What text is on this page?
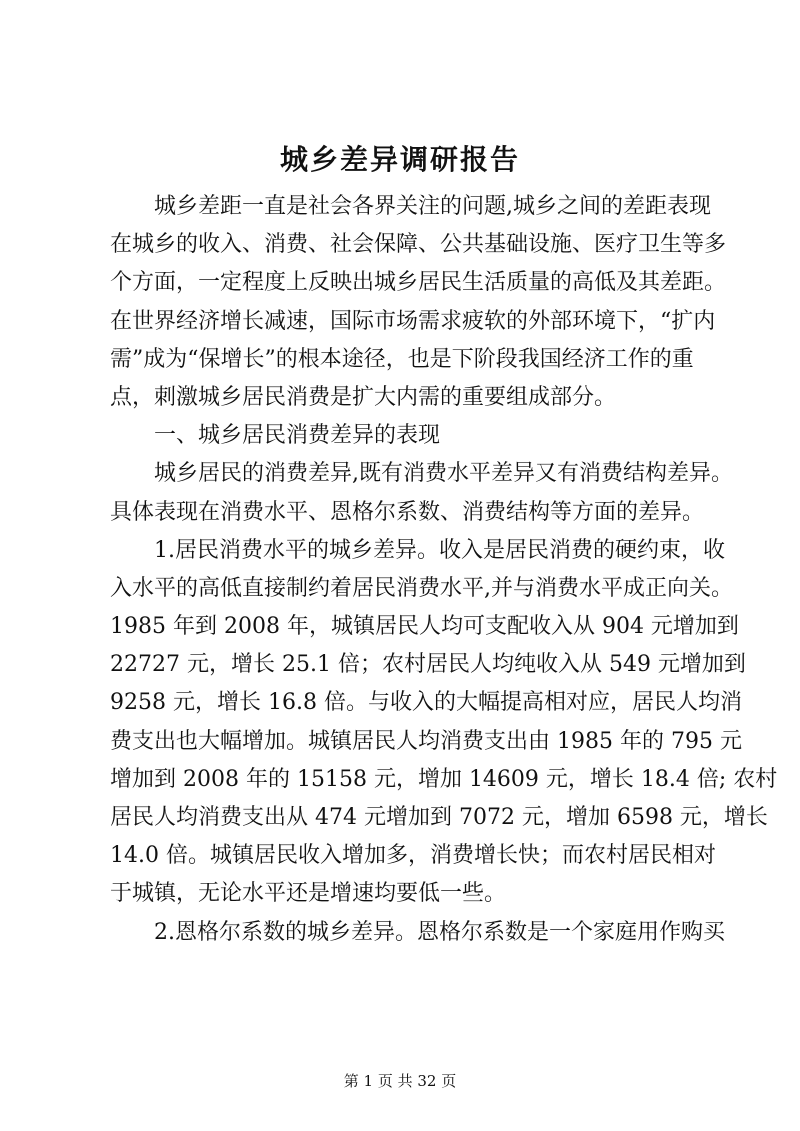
城乡差异调研报告

城乡差距一直是社会各界关注的问题,城乡之间的差距表现

在城乡的收入、消费、社会保障、公共基础设施、医疗卫生等多

个方面，一定程度上反映出城乡居民生活质量的高低及其差距。

在世界经济增长减速，国际市场需求疲软的外部环境下，“扩内

需”成为“保增长”的根本途径，也是下阶段我国经济工作的重

点，刺激城乡居民消费是扩大内需的重要组成部分。

一、城乡居民消费差异的表现

城乡居民的消费差异,既有消费水平差异又有消费结构差异。

具体表现在消费水平、恩格尔系数、消费结构等方面的差异。

1.居民消费水平的城乡差异。收入是居民消费的硬约束，收

入水平的高低直接制约着居民消费水平,并与消费水平成正向关。

1985 年到 2008 年，城镇居民人均可支配收入从 904 元增加到

22727 元，增长 25.1 倍；农村居民人均纯收入从 549 元增加到

9258 元，增长 16.8 倍。与收入的大幅提高相对应，居民人均消

费支出也大幅增加。城镇居民人均消费支出由 1985 年的 795 元

增加到 2008 年的 15158 元，增加 14609 元，增长 18.4 倍; 农村

居民人均消费支出从 474 元增加到 7072 元，增加 6598 元，增长

14.0 倍。城镇居民收入增加多，消费增长快；而农村居民相对

于城镇，无论水平还是增速均要低一些。

2.恩格尔系数的城乡差异。恩格尔系数是一个家庭用作购买

第 1 页 共 32 页
